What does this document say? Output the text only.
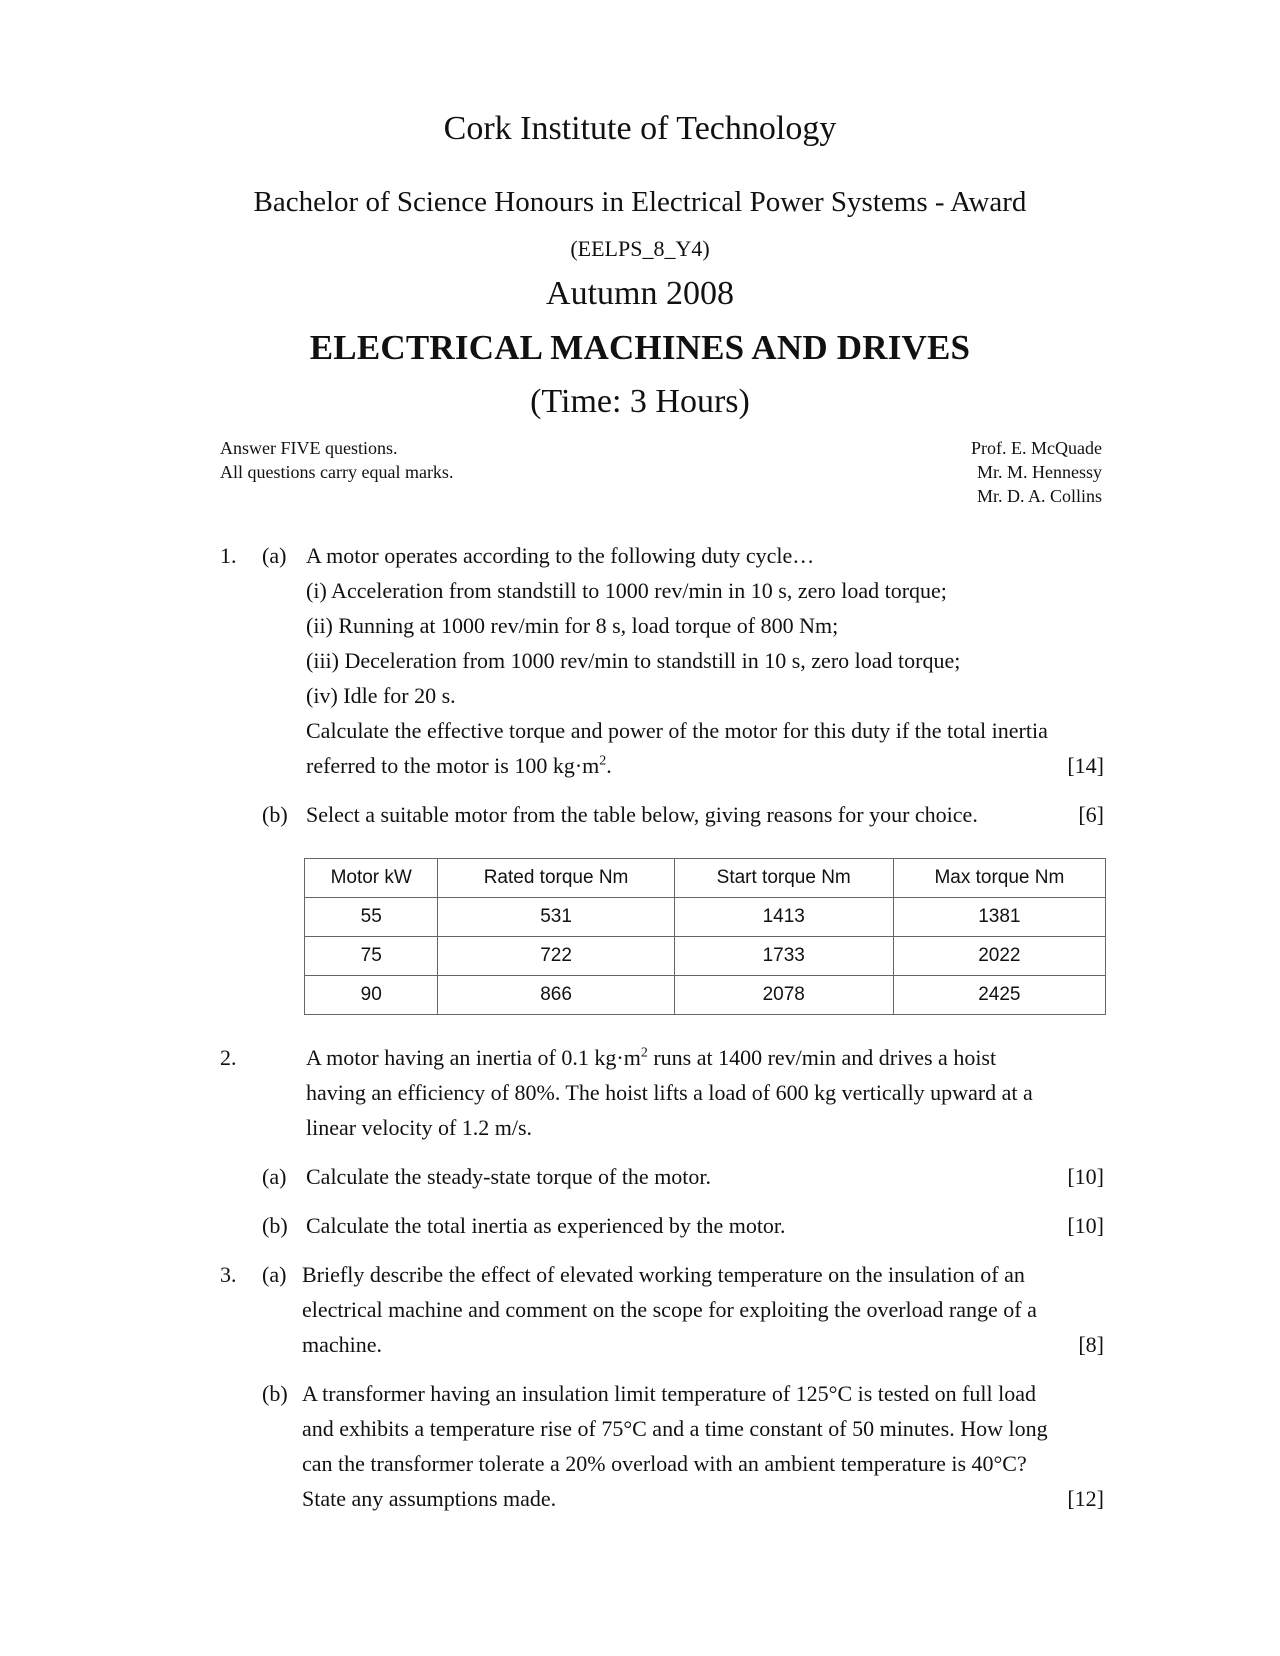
Cork Institute of Technology
Bachelor of Science Honours in Electrical Power Systems - Award
(EELPS_8_Y4)
Autumn 2008
ELECTRICAL MACHINES AND DRIVES
(Time: 3 Hours)
Answer FIVE questions.
All questions carry equal marks.
Prof. E. McQuade
Mr. M. Hennessy
Mr. D. A. Collins
1. (a) A motor operates according to the following duty cycle…
(i) Acceleration from standstill to 1000 rev/min in 10 s, zero load torque;
(ii) Running at 1000 rev/min for 8 s, load torque of 800 Nm;
(iii) Deceleration from 1000 rev/min to standstill in 10 s, zero load torque;
(iv) Idle for 20 s.
Calculate the effective torque and power of the motor for this duty if the total inertia
referred to the motor is 100 $kg\cdot m^2$.	[14]
(b) Select a suitable motor from the table below, giving reasons for your choice.	[6]
Motor kW	Rated torque Nm	Start torque Nm	Max torque Nm
55	531	1413	1381
75	722	1733	2022
90	866	2078	2425
2.	A motor having an inertia of 0.1 $kg\cdot m^2$ runs at 1400 rev/min and drives a hoist
having an efficiency of 80%. The hoist lifts a load of 600 kg vertically upward at a
linear velocity of 1.2 m/s.
(a) Calculate the steady-state torque of the motor.	[10]
(b) Calculate the total inertia as experienced by the motor.	[10]
3. (a) Briefly describe the effect of elevated working temperature on the insulation of an
electrical machine and comment on the scope for exploiting the overload range of a
machine.	[8]
(b) A transformer having an insulation limit temperature of 125°C is tested on full load
and exhibits a temperature rise of 75°C and a time constant of 50 minutes. How long
can the transformer tolerate a 20% overload with an ambient temperature is 40°C?
State any assumptions made.	[12]
